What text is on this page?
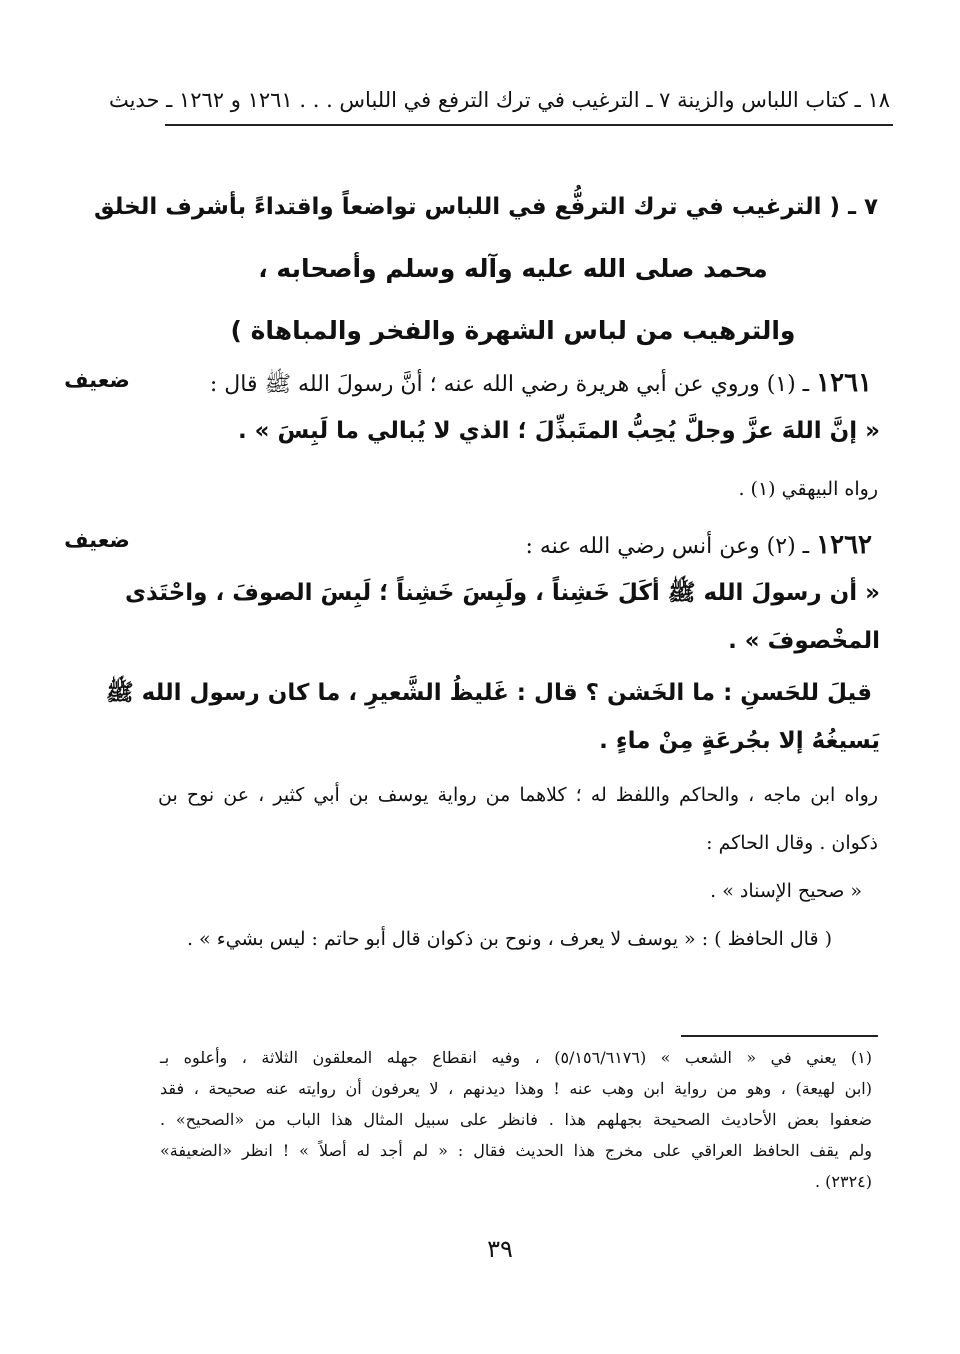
١٨ ـ كتاب اللباس والزينة ٧ ـ الترغيب في ترك الترفع في اللباس . . . ١٢٦١ و ١٢٦٢ ـ حديث
٧ ـ ( الترغيب في ترك الترفُّع في اللباس تواضعاً واقتداءً بأشرف الخلق
محمد صلى الله عليه وآله وسلم وأصحابه ،
والترهيب من لباس الشهرة والفخر والمباهاة )
ضعيف	١٢٦١ ـ (١) وروي عن أبي هريرة رضي الله عنه ؛ أنَّ رسولَ الله ﷺ قال :
« إنَّ اللهَ عزَّ وجلَّ يُحِبُّ المتَبذِّلَ ؛ الذي لا يُبالي ما لَبِسَ » .
رواه البيهقي (١) .
ضعيف	١٢٦٢ ـ (٢) وعن أنس رضي الله عنه :
« أن رسولَ الله ﷺ أكَلَ خَشِناً ، ولَبِسَ خَشِناً ؛ لَبِسَ الصوفَ ، واحْتَذى
المخْصوفَ » .
قيلَ للحَسنِ : ما الخَشن ؟ قال : غَليظُ الشَّعيرِ ، ما كان رسول الله ﷺ
يَسيغُهُ إلا بجُرعَةٍ مِنْ ماءٍ .
رواه ابن ماجه ، والحاكم واللفظ له ؛ كلاهما من رواية يوسف بن أبي كثير ، عن نوح بن
ذكوان . وقال الحاكم :
« صحيح الإسناد » .
( قال الحافظ ) : « يوسف لا يعرف ، ونوح بن ذكوان قال أبو حاتم : ليس بشيء » .
(١) يعني في « الشعب » (٥/١٥٦/٦١٧٦) ، وفيه انقطاع جهله المعلقون الثلاثة ، وأعلوه بـ
(ابن لهيعة) ، وهو من رواية ابن وهب عنه ! وهذا ديدنهم ، لا يعرفون أن روايته عنه صحيحة ، فقد
ضعفوا بعض الأحاديث الصحيحة بجهلهم هذا . فانظر على سبيل المثال هذا الباب من «الصحيح» .
ولم يقف الحافظ العراقي على مخرج هذا الحديث فقال : « لم أجد له أصلاً » ! انظر «الضعيفة»
(٢٣٢٤) .
٣٩
